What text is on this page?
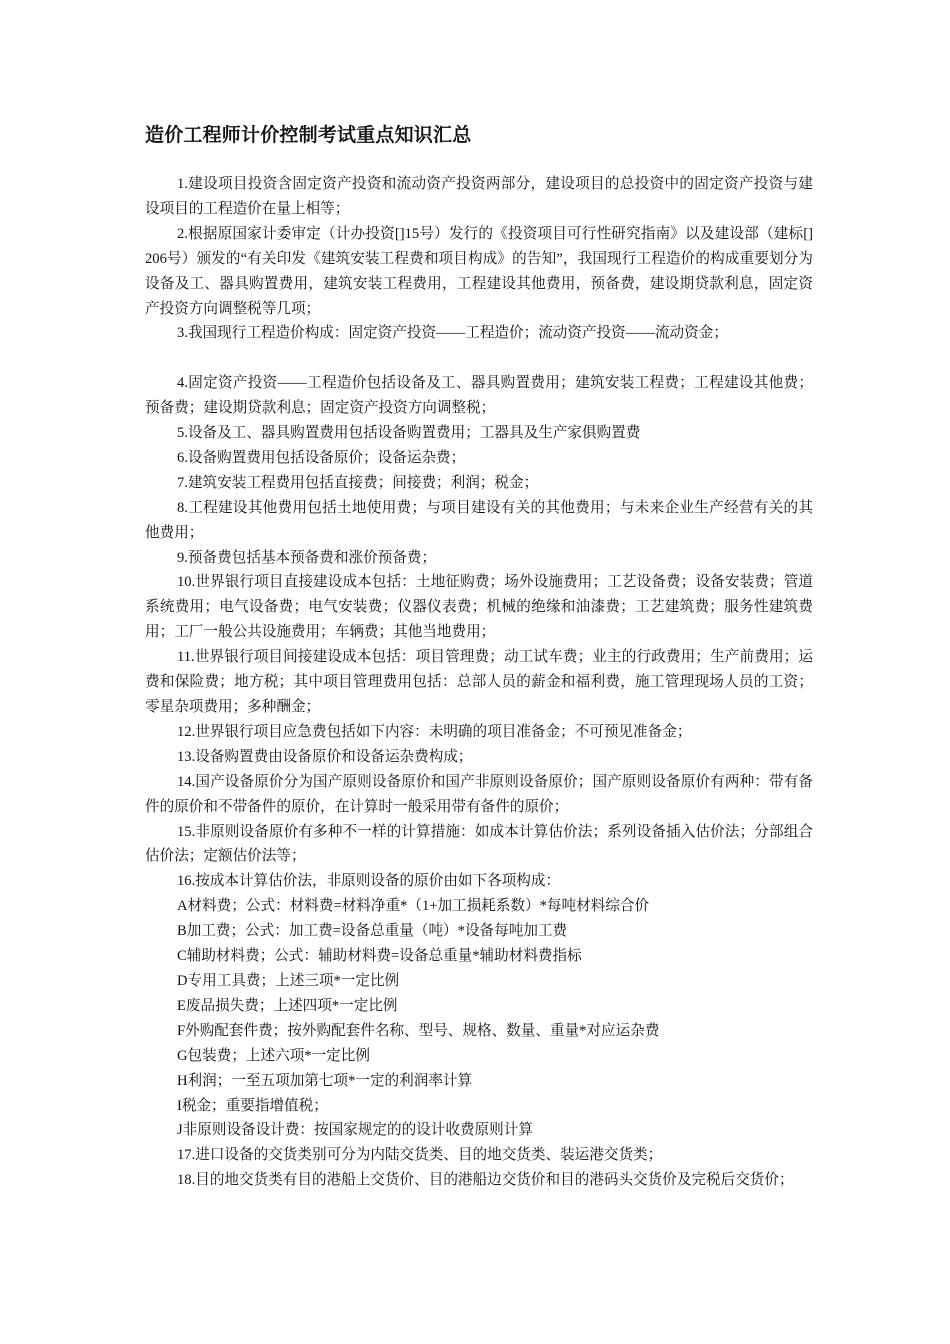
造价工程师计价控制考试重点知识汇总

1.建设项目投资含固定资产投资和流动资产投资两部分，建设项目的总投资中的固定资产投资与建设项目的工程造价在量上相等；

2.根据原国家计委审定（计办投资[]15号）发行的《投资项目可行性研究指南》以及建设部（建标[]206号）颁发的“有关印发《建筑安装工程费和项目构成》的告知”，我国现行工程造价的构成重要划分为设备及工、器具购置费用，建筑安装工程费用，工程建设其他费用，预备费，建设期贷款利息，固定资产投资方向调整税等几项；

3.我国现行工程造价构成：固定资产投资——工程造价；流动资产投资——流动资金；

4.固定资产投资——工程造价包括设备及工、器具购置费用；建筑安装工程费；工程建设其他费；预备费；建设期贷款利息；固定资产投资方向调整税；

5.设备及工、器具购置费用包括设备购置费用；工器具及生产家俱购置费

6.设备购置费用包括设备原价；设备运杂费；

7.建筑安装工程费用包括直接费；间接费；利润；税金；

8.工程建设其他费用包括土地使用费；与项目建设有关的其他费用；与未来企业生产经营有关的其他费用；

9.预备费包括基本预备费和涨价预备费；

10.世界银行项目直接建设成本包括：土地征购费；场外设施费用；工艺设备费；设备安装费；管道系统费用；电气设备费；电气安装费；仪器仪表费；机械的绝缘和油漆费；工艺建筑费；服务性建筑费用；工厂一般公共设施费用；车辆费；其他当地费用；

11.世界银行项目间接建设成本包括：项目管理费；动工试车费；业主的行政费用；生产前费用；运费和保险费；地方税；其中项目管理费用包括：总部人员的薪金和福利费，施工管理现场人员的工资；零星杂项费用；多种酬金；

12.世界银行项目应急费包括如下内容：未明确的项目准备金；不可预见准备金；

13.设备购置费由设备原价和设备运杂费构成；

14.国产设备原价分为国产原则设备原价和国产非原则设备原价；国产原则设备原价有两种：带有备件的原价和不带备件的原价，在计算时一般采用带有备件的原价；

15.非原则设备原价有多种不一样的计算措施：如成本计算估价法；系列设备插入估价法；分部组合估价法；定额估价法等；

16.按成本计算估价法，非原则设备的原价由如下各项构成：

A材料费；公式：材料费=材料净重*（1+加工损耗系数）*每吨材料综合价

B加工费；公式：加工费=设备总重量（吨）*设备每吨加工费

C辅助材料费；公式：辅助材料费=设备总重量*辅助材料费指标

D专用工具费；上述三项*一定比例

E废品损失费；上述四项*一定比例

F外购配套件费；按外购配套件名称、型号、规格、数量、重量*对应运杂费

G包装费；上述六项*一定比例

H利润；一至五项加第七项*一定的利润率计算

I税金；重要指增值税；

J非原则设备设计费：按国家规定的的设计收费原则计算

17.进口设备的交货类别可分为内陆交货类、目的地交货类、装运港交货类；

18.目的地交货类有目的港船上交货价、目的港船边交货价和目的港码头交货价及完税后交货价；
